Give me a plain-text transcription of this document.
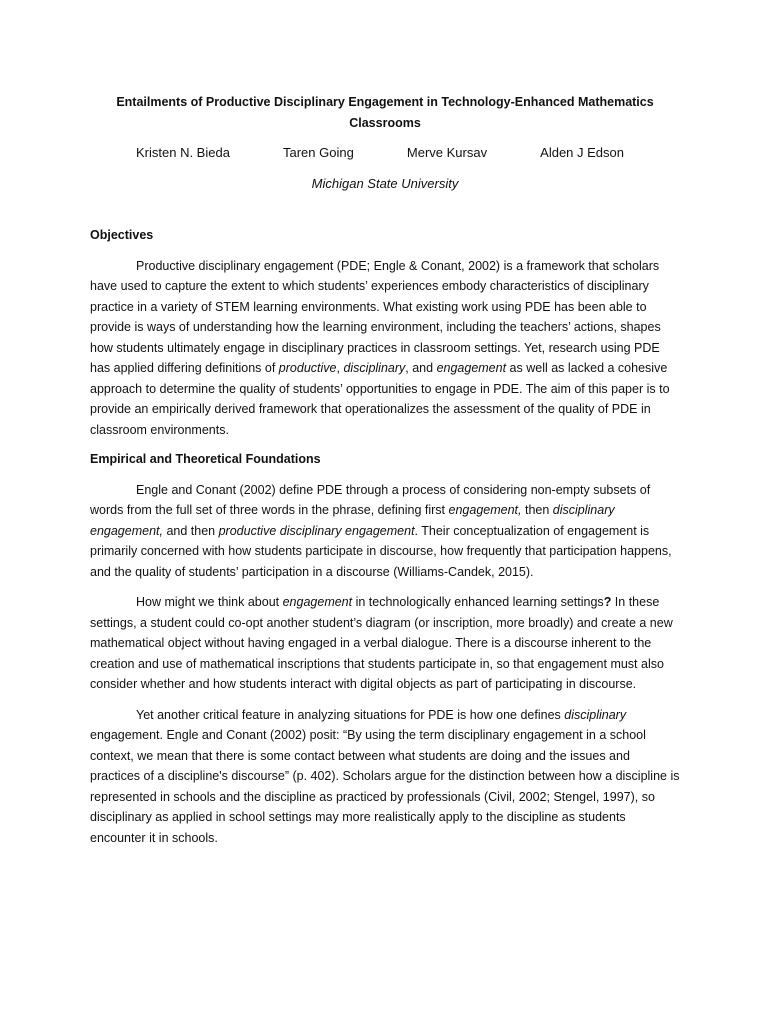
Entailments of Productive Disciplinary Engagement in Technology-Enhanced Mathematics Classrooms
Kristen N. Bieda	Taren Going	Merve Kursav	Alden J Edson
Michigan State University
Objectives

Productive disciplinary engagement (PDE; Engle & Conant, 2002) is a framework that scholars have used to capture the extent to which students’ experiences embody characteristics of disciplinary practice in a variety of STEM learning environments. What existing work using PDE has been able to provide is ways of understanding how the learning environment, including the teachers’ actions, shapes how students ultimately engage in disciplinary practices in classroom settings. Yet, research using PDE has applied differing definitions of productive, disciplinary, and engagement as well as lacked a cohesive approach to determine the quality of students’ opportunities to engage in PDE. The aim of this paper is to provide an empirically derived framework that operationalizes the assessment of the quality of PDE in classroom environments.

Empirical and Theoretical Foundations

Engle and Conant (2002) define PDE through a process of considering non-empty subsets of words from the full set of three words in the phrase, defining first engagement, then disciplinary engagement, and then productive disciplinary engagement. Their conceptualization of engagement is primarily concerned with how students participate in discourse, how frequently that participation happens, and the quality of students’ participation in a discourse (Williams-Candek, 2015).

How might we think about engagement in technologically enhanced learning settings? In these settings, a student could co-opt another student’s diagram (or inscription, more broadly) and create a new mathematical object without having engaged in a verbal dialogue. There is a discourse inherent to the creation and use of mathematical inscriptions that students participate in, so that engagement must also consider whether and how students interact with digital objects as part of participating in discourse.

Yet another critical feature in analyzing situations for PDE is how one defines disciplinary engagement. Engle and Conant (2002) posit: “By using the term disciplinary engagement in a school context, we mean that there is some contact between what students are doing and the issues and practices of a discipline's discourse” (p. 402). Scholars argue for the distinction between how a discipline is represented in schools and the discipline as practiced by professionals (Civil, 2002; Stengel, 1997), so disciplinary as applied in school settings may more realistically apply to the discipline as students encounter it in schools.
